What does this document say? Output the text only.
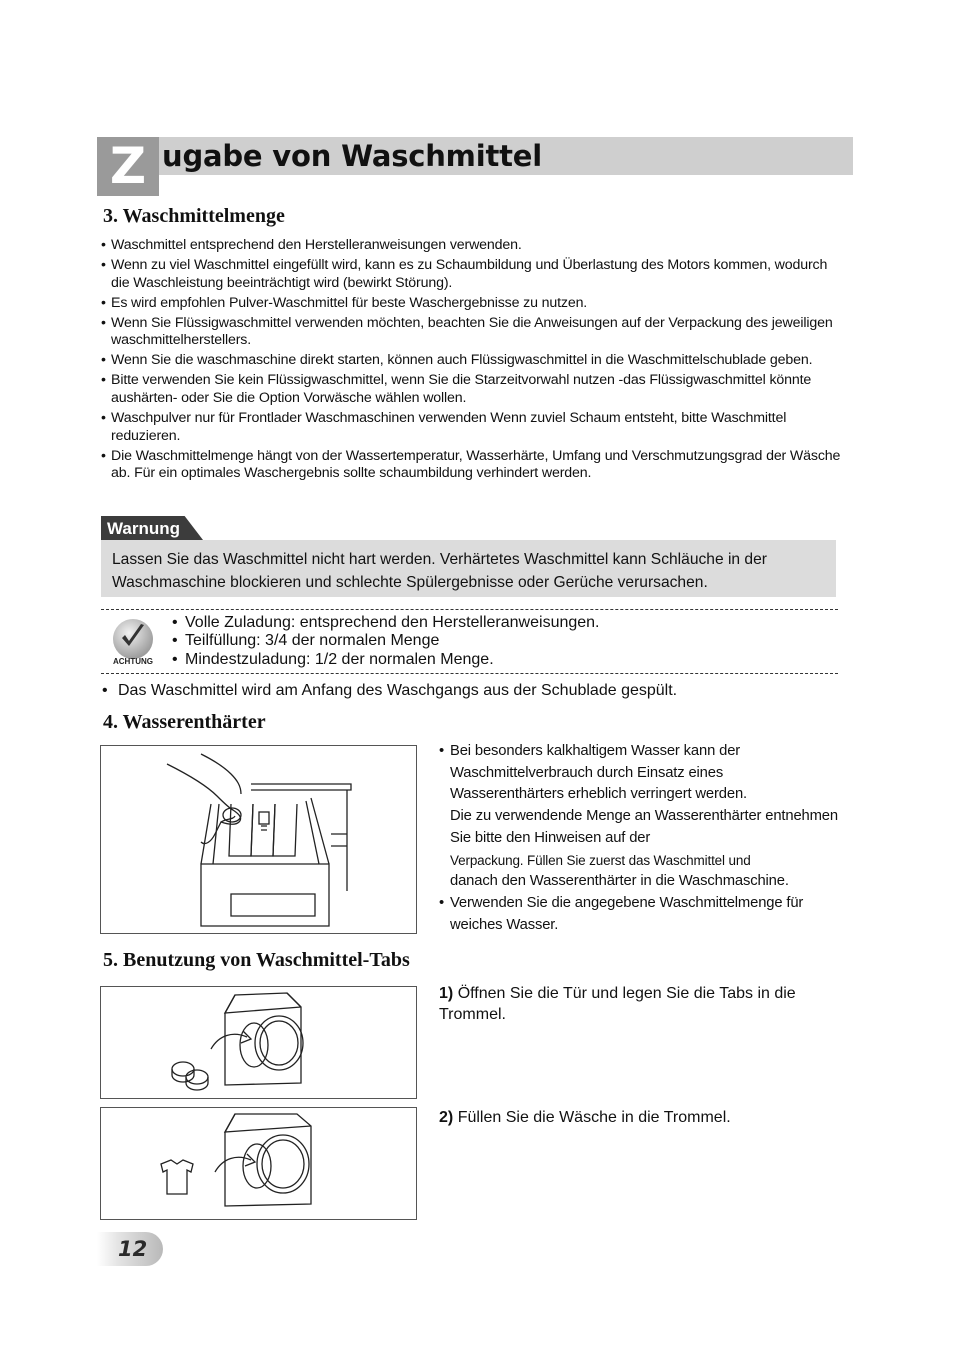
Z ugabe von Waschmittel
3. Waschmittelmenge
• Waschmittel entsprechend den Herstelleranweisungen verwenden.
• Wenn zu viel Waschmittel eingefüllt wird, kann es zu Schaumbildung und Überlastung des Motors kommen, wodurch die Waschleistung beeinträchtigt wird (bewirkt Störung).
• Es wird empfohlen Pulver-Waschmittel für beste Waschergebnisse zu nutzen.
• Wenn Sie Flüssigwaschmittel verwenden möchten, beachten Sie die Anweisungen auf der Verpackung des jeweiligen waschmittelherstellers.
• Wenn Sie die waschmaschine direkt starten, können auch Flüssigwaschmittel in die Waschmittelschublade geben.
• Bitte verwenden Sie kein Flüssigwaschmittel, wenn Sie die Starzeitvorwahl nutzen -das Flüssigwaschmittel könnte aushärten- oder Sie die Option Vorwäsche wählen wollen.
• Waschpulver nur für Frontlader Waschmaschinen verwenden Wenn zuviel Schaum entsteht, bitte Waschmittel reduzieren.
• Die Waschmittelmenge hängt von der Wassertemperatur, Wasserhärte, Umfang und Verschmutzungsgrad der Wäsche ab. Für ein optimales Waschergebnis sollte schaumbildung verhindert werden.
Warnung
Lassen Sie das Waschmittel nicht hart werden. Verhärtetes Waschmittel kann Schläuche in der Waschmaschine blockieren und schlechte Spülergebnisse oder Gerüche verursachen.
ACHTUNG
• Volle Zuladung: entsprechend den Herstelleranweisungen.
• Teilfüllung: 3/4 der normalen Menge
• Mindestzuladung: 1/2 der normalen Menge.
• Das Waschmittel wird am Anfang des Waschgangs aus der Schublade gespült.
4. Wasserenthärter
• Bei besonders kalkhaltigem Wasser kann der Waschmittelverbrauch durch Einsatz eines Wasserenthärters erheblich verringert werden.
Die zu verwendende Menge an Wasserenthärter entnehmen Sie bitte den Hinweisen auf der
Verpackung. Füllen Sie zuerst das Waschmittel und
danach den Wasserenthärter in die Waschmaschine.
• Verwenden Sie die angegebene Waschmittelmenge für weiches Wasser.
5. Benutzung von Waschmittel-Tabs
1) Öffnen Sie die Tür und legen Sie die Tabs in die Trommel.
2) Füllen Sie die Wäsche in die Trommel.
12
